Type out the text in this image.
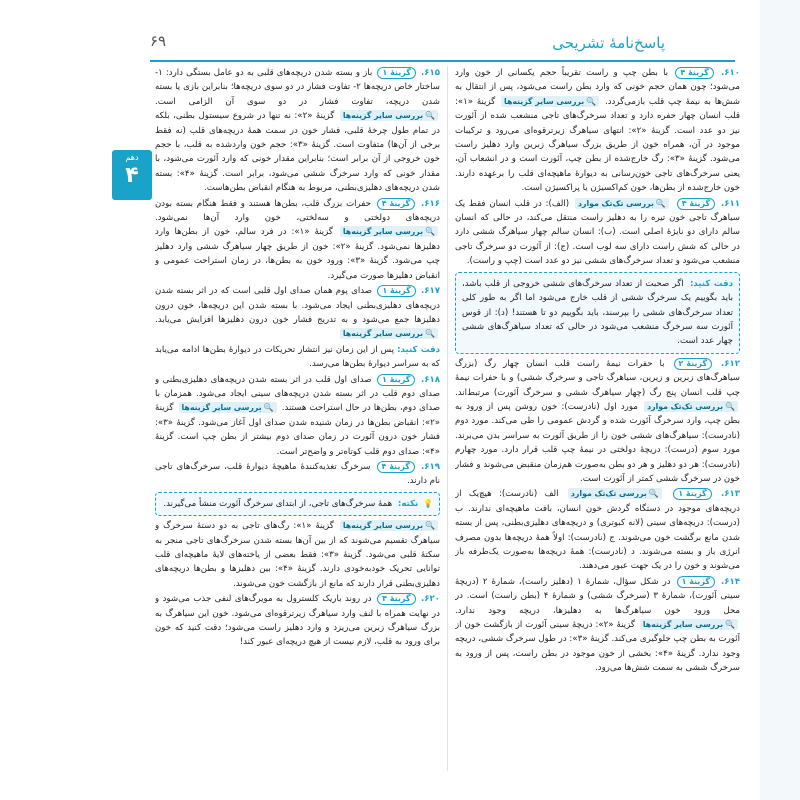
۶۹	پاسخ‌نامهٔ تشریحی
دهم
۴

۶۱۰. گزینهٔ ۴ با بطن چپ و راست تقریباً حجم یکسانی از خون وارد می‌شود؛ چون همان حجم خونی که وارد بطن راست می‌شود، پس از انتقال به شش‌ها به نیمهٔ چپ قلب بازمی‌گردد. 🔍بررسی سایر گزینه‌ها گزینهٔ «۱»: قلب انسان چهار حفره دارد و تعداد سرخرگ‌های تاجی منشعب شده از آئورت نیز دو عدد است. گزینهٔ «۲»: انتهای سیاهرگ زیرترقوه‌ای می‌رود و ترکیبات موجود در آن، همراه خون از طریق بزرگ سیاهرگ زبرین وارد دهلیز راست می‌شود. گزینهٔ «۳»: رگ خارج‌شده از بطن چپ، آئورت است و در انشعاب آن، یعنی سرخرگ‌های تاجی خون‌رسانی به دیوارهٔ ماهیچه‌ای قلب را برعهده دارند. خون خارج‌شده از بطن‌ها، خون کم‌اکسیژن یا پراکسیژن است.

۶۱۱. گزینهٔ ۴ 🔍بررسی تک‌تک موارد (الف): در قلب انسان فقط یک سیاهرگ تاجی خون تیره را به دهلیز راست منتقل می‌کند، در حالی که انسان سالم دارای دو نایژهٔ اصلی است. (ب): انسان سالم چهار سیاهرگ ششی دارد در حالی که شش راست دارای سه لوب است. (ج): از آئورت دو سرخرگ تاجی منشعب می‌شود و تعداد سرخرگ‌های ششی نیز دو عدد است (چپ و راست).

دقت کنید: اگر صحبت از تعداد سرخرگ‌های ششی خروجی از قلب باشد، باید بگوییم یک سرخرگ ششی از قلب خارج می‌شود اما اگر به طور کلی تعداد سرخرگ‌های ششی را بپرسند، باید بگوییم دو تا هستند! (د): از قوس آئورت سه سرخرگ منشعب می‌شود در حالی که تعداد سیاهرگ‌های ششی چهار عدد است.

۶۱۲. گزینهٔ ۲ با حفرات نیمهٔ راست قلب انسان چهار رگ (بزرگ سیاهرگ‌های زبرین و زیرین، سیاهرگ تاجی و سرخرگ ششی) و با حفرات نیمهٔ چپ قلب انسان پنج رگ (چهار سیاهرگ ششی و سرخرگ آئورت) مرتبط‌اند. 🔍بررسی تک‌تک موارد مورد اول (نادرست): خون روشن پس از ورود به بطن چپ، وارد سرخرگ آئورت شده و گردش عمومی را طی می‌کند. مورد دوم (نادرست): سیاهرگ‌های ششی خون را از طریق آئورت به سراسر بدن می‌برند. مورد سوم (درست): دریچهٔ دولختی در نیمهٔ چپ قلب قرار دارد. مورد چهارم (نادرست): هر دو دهلیز و هر دو بطن به‌صورت هم‌زمان منقبض می‌شوند و فشار خون در سرخرگ ششی کمتر از آئورت است.

۶۱۳. گزینهٔ ۱ 🔍بررسی تک‌تک موارد الف (نادرست): هیچ‌یک از دریچه‌های موجود در دستگاه گردش خون انسان، بافت ماهیچه‌ای ندارند. ب (درست): دریچه‌های سینی (لانه کبوتری) و دریچه‌های دهلیزی‌بطنی، پس از بسته شدن مانع برگشت خون می‌شوند. ج (نادرست): اولاً همهٔ دریچه‌ها بدون مصرف انرژی باز و بسته می‌شوند. د (نادرست): همهٔ دریچه‌ها به‌صورت یک‌طرفه باز می‌شوند و خون را در یک جهت عبور می‌دهند.

۶۱۴. گزینهٔ ۱ در شکل سؤال، شمارهٔ ۱ (دهلیز راست)، شمارهٔ ۲ (دریچهٔ سینی آئورت)، شمارهٔ ۳ (سرخرگ ششی) و شمارهٔ ۴ (بطن راست) است. در محل ورود خون سیاهرگ‌ها به دهلیزها، دریچه وجود ندارد. 🔍بررسی سایر گزینه‌ها گزینهٔ «۲»: دریچهٔ سینی آئورت از بازگشت خون از آئورت به بطن چپ جلوگیری می‌کند. گزینهٔ «۳»: در طول سرخرگ ششی، دریچه وجود ندارد. گزینهٔ «۴»: بخشی از خون موجود در بطن راست، پس از ورود به سرخرگ ششی به سمت شش‌ها می‌رود.

۶۱۵. گزینهٔ ۱ باز و بسته شدن دریچه‌های قلبی به دو عامل بستگی دارد: ۱- ساختار خاص دریچه‌ها ۲- تفاوت فشار در دو سوی دریچه‌ها؛ بنابراین بازی یا بسته شدن دریچه، تفاوت فشار در دو سوی آن الزامی است. 🔍بررسی سایر گزینه‌ها گزینهٔ «۲»: نه تنها در شروع سیستول بطنی، بلکه در تمام طول چرخهٔ قلبی، فشار خون در سمت همهٔ دریچه‌های قلب (نه فقط برخی از آن‌ها) متفاوت است. گزینهٔ «۳»: حجم خون واردشده به قلب، با حجم خون خروجی از آن برابر است؛ بنابراین مقدار خونی که وارد آئورت می‌شود، با مقدار خونی که وارد سرخرگ ششی می‌شود، برابر است. گزینهٔ «۴»: بسته شدن دریچه‌های دهلیزی‌بطنی، مربوط به هنگام انقباض بطن‌هاست.

۶۱۶. گزینهٔ ۴ حفرات بزرگ قلب، بطن‌ها هستند و فقط هنگام بسته بودن دریچه‌های دولختی و سه‌لختی، خون وارد آن‌ها نمی‌شود. 🔍بررسی سایر گزینه‌ها گزینهٔ «۱»: در فرد سالم، خون از بطن‌ها وارد دهلیزها نمی‌شود. گزینهٔ «۲»: خون از طریق چهار سیاهرگ ششی وارد دهلیز چپ می‌شود. گزینهٔ «۳»: ورود خون به بطن‌ها، در زمان استراحت عمومی و انقباض دهلیزها صورت می‌گیرد.

۶۱۷. گزینهٔ ۱ صدای پوم همان صدای اول قلبی است که در اثر بسته شدن دریچه‌های دهلیزی‌بطنی ایجاد می‌شود. با بسته شدن این دریچه‌ها، خون درون دهلیزها جمع می‌شود و به تدریج فشار خون درون دهلیزها افزایش می‌یابد. 🔍بررسی سایر گزینه‌ها

دقت کنید: پس از این زمان نیز انتشار تحریکات در دیوارهٔ بطن‌ها ادامه می‌یابد که به سراسر دیوارهٔ بطن‌ها می‌رسد.

۶۱۸. گزینهٔ ۱ صدای اول قلب در اثر بسته شدن دریچه‌های دهلیزی‌بطنی و صدای دوم قلب در اثر بسته شدن دریچه‌های سینی ایجاد می‌شود. همزمان با صدای دوم، بطن‌ها در حال استراحت هستند. 🔍بررسی سایر گزینه‌ها گزینهٔ «۲»: انقباض بطن‌ها در زمان شنیده شدن صدای اول آغاز می‌شود. گزینهٔ «۳»: فشار خون درون آئورت در زمان صدای دوم بیشتر از بطن چپ است. گزینهٔ «۴»: صدای دوم قلب کوتاه‌تر و واضح‌تر است.

۶۱۹. گزینهٔ ۴ سرخرگ تغذیه‌کنندهٔ ماهیچهٔ دیوارهٔ قلب، سرخرگ‌های تاجی نام دارند.

💡 نکته: همهٔ سرخرگ‌های تاجی، از ابتدای سرخرگ آئورت منشأ می‌گیرند.

🔍بررسی سایر گزینه‌ها گزینهٔ «۱»: رگ‌های تاجی به دو دستهٔ سرخرگ و سیاهرگ تقسیم می‌شوند که از بین آن‌ها بسته شدن سرخرگ‌های تاجی منجر به سکتهٔ قلبی می‌شود. گزینهٔ «۳»: فقط بعضی از یاخته‌های لایهٔ ماهیچه‌ای قلب توانایی تحریک خودبه‌خودی دارند. گزینهٔ «۴»: بین دهلیزها و بطن‌ها دریچه‌های دهلیزی‌بطنی قرار دارند که مانع از بازگشت خون می‌شوند.

۶۲۰. گزینهٔ ۴ در روند باریک کلسترول به مویرگ‌های لنفی جذب می‌شود و در نهایت همراه با لنف وارد سیاهرگ زیرترقوه‌ای می‌شود. خون این سیاهرگ به بزرگ سیاهرگ زبرین می‌ریزد و وارد دهلیز راست می‌شود؛ دقت کنید که خون برای ورود به قلب، لازم نیست از هیچ دریچه‌ای عبور کند!
